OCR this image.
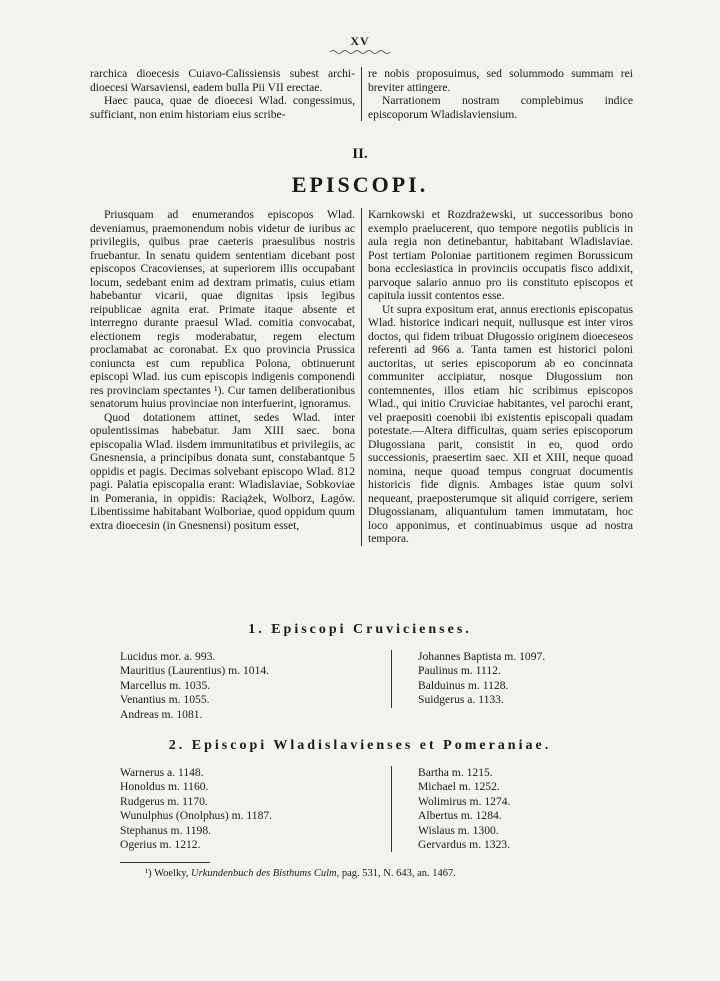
XV

rarchica dioecesis Cuiavo-Calissiensis subest archi-dioecesi Warsaviensi, eadem bulla Pii VII erectae.

Haec pauca, quae de dioecesi Wlad. congessimus, sufficiant, non enim historiam eius scribe-

re nobis proposuimus, sed solummodo summam rei breviter attingere.

Narrationem nostram complebimus indice episcoporum Wladislaviensium.

II.
EPISCOPI.

Priusquam ad enumerandos episcopos Wlad. deveniamus, praemonendum nobis videtur de iuribus ac privilegiis, quibus prae caeteris praesulibus nostris fruebantur. In senatu quidem sententiam dicebant post episcopos Cracovienses, at superiorem illis occupabant locum, sedebant enim ad dextram primatis, cuius etiam habebantur vicarii, quae dignitas ipsis legibus reipublicae agnita erat. Primate itaque absente et interregno durante praesul Wlad. comitia convocabat, electionem regis moderabatur, regem electum proclamabat ac coronabat. Ex quo provincia Prussica coniuncta est cum republica Polona, obtinuerunt episcopi Wlad. ius cum episcopis indigenis componendi res provinciam spectantes ¹). Cur tamen deliberationibus senatorum huius provinciae non interfuerint, ignoramus.

Quod dotationem attinet, sedes Wlad. inter opulentissimas habebatur. Jam XIII saec. bona episcopalia Wlad. iisdem immunitatibus et privilegiis, ac Gnesnensia, a principibus donata sunt, constabantque 5 oppidis et pagis. Decimas solvebant episcopo Wlad. 812 pagi. Palatia episcopalia erant: Wladislaviae, Sobkoviae in Pomerania, in oppidis: Raciążek, Wolborz, Łagów. Libentissime habitabant Wolboriae, quod oppidum quum extra dioecesin (in Gnesnensi) positum esset,

Karnkowski et Rozdrażewski, ut successoribus bono exemplo praelucerent, quo tempore negotiis publicis in aula regia non detinebantur, habitabant Wladislaviae. Post tertiam Poloniae partitionem regimen Borussicum bona ecclesiastica in provinciis occupatis fisco addixit, parvoque salario annuo pro iis constituto episcopos et capitula iussit contentos esse.

Ut supra expositum erat, annus erectionis episcopatus Wlad. historice indicari nequit, nullusque est inter viros doctos, qui fidem tribuat Długossio originem dioeceseos referenti ad 966 a. Tanta tamen est historici poloni auctoritas, ut series episcoporum ab eo concinnata communiter accipiatur, nosque Długossium non contemnentes, illos etiam hic scribimus episcopos Wlad., qui initio Cruviciae habitantes, vel parochi erant, vel praepositi coenobii ibi existentis episcopali quadam potestate.—Altera difficultas, quam series episcoporum Długossiana parit, consistit in eo, quod ordo successionis, praesertim saec. XII et XIII, neque quoad nomina, neque quoad tempus congruat documentis historicis fide dignis. Ambages istae quum solvi nequeant, praeposterumque sit aliquid corrigere, seriem Długossianam, aliquantulum tamen immutatam, hoc loco apponimus, et continuabimus usque ad nostra tempora.

1. Episcopi Cruvicienses.
Lucidus mor. a. 993.
Mauritius (Laurentius) m. 1014.
Marcellus m. 1035.
Venantius m. 1055.
Andreas m. 1081.
Johannes Baptista m. 1097.
Paulinus m. 1112.
Balduinus m. 1128.
Suidgerus a. 1133.
2. Episcopi Wladislavienses et Pomeraniae.
Warnerus a. 1148.
Honoldus m. 1160.
Rudgerus m. 1170.
Wunulphus (Onolphus) m. 1187.
Stephanus m. 1198.
Ogerius m. 1212.
Bartha m. 1215.
Michael m. 1252.
Wolimirus m. 1274.
Albertus m. 1284.
Wislaus m. 1300.
Gervardus m. 1323.
¹) Woelky, Urkundenbuch des Bisthums Culm, pag. 531, N. 643, an. 1467.
